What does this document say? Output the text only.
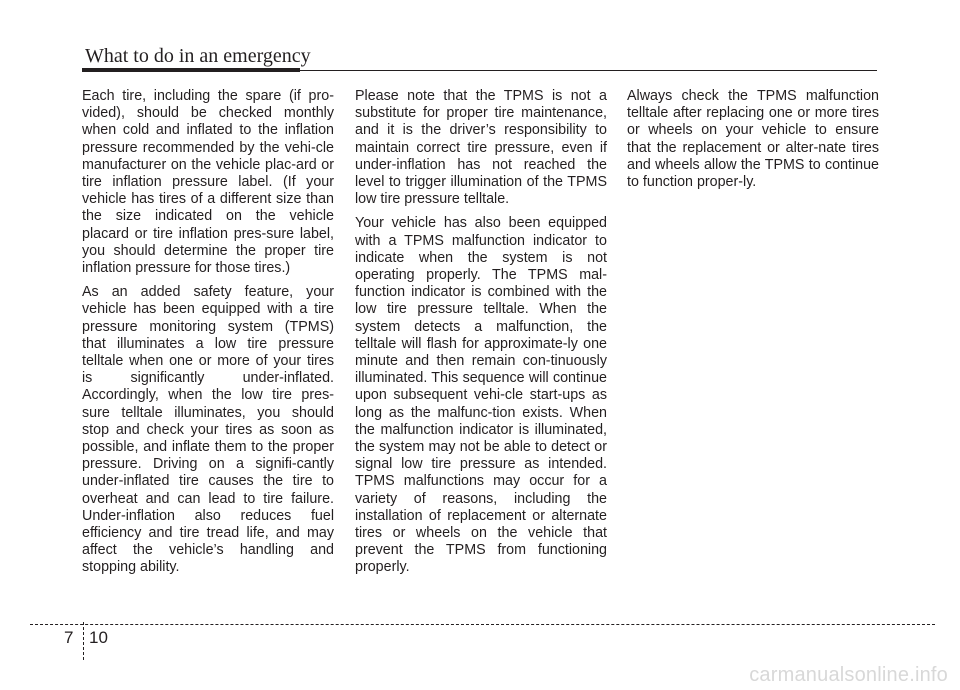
What to do in an emergency

Each tire, including the spare (if pro-vided), should be checked monthly when cold and inflated to the inflation pressure recommended by the vehi-cle manufacturer on the vehicle plac-ard or tire inflation pressure label. (If your vehicle has tires of a different size than the size indicated on the vehicle placard or tire inflation pres-sure label, you should determine the proper tire inflation pressure for those tires.)

As an added safety feature, your vehicle has been equipped with a tire pressure monitoring system (TPMS) that illuminates a low tire pressure telltale when one or more of your tires is significantly under-inflated. Accordingly, when the low tire pres-sure telltale illuminates, you should stop and check your tires as soon as possible, and inflate them to the proper pressure. Driving on a signifi-cantly under-inflated tire causes the tire to overheat and can lead to tire failure. Under-inflation also reduces fuel efficiency and tire tread life, and may affect the vehicle’s handling and stopping ability.

Please note that the TPMS is not a substitute for proper tire maintenance, and it is the driver’s responsibility to maintain correct tire pressure, even if under-inflation has not reached the level to trigger illumination of the TPMS low tire pressure telltale.

Your vehicle has also been equipped with a TPMS malfunction indicator to indicate when the system is not operating properly. The TPMS mal-function indicator is combined with the low tire pressure telltale. When the system detects a malfunction, the telltale will flash for approximate-ly one minute and then remain con-tinuously illuminated. This sequence will continue upon subsequent vehi-cle start-ups as long as the malfunc-tion exists. When the malfunction indicator is illuminated, the system may not be able to detect or signal low tire pressure as intended. TPMS malfunctions may occur for a variety of reasons, including the installation of replacement or alternate tires or wheels on the vehicle that prevent the TPMS from functioning properly.

Always check the TPMS malfunction telltale after replacing one or more tires or wheels on your vehicle to ensure that the replacement or alter-nate tires and wheels allow the TPMS to continue to function proper-ly.

7 10
carmanualsonline.info
